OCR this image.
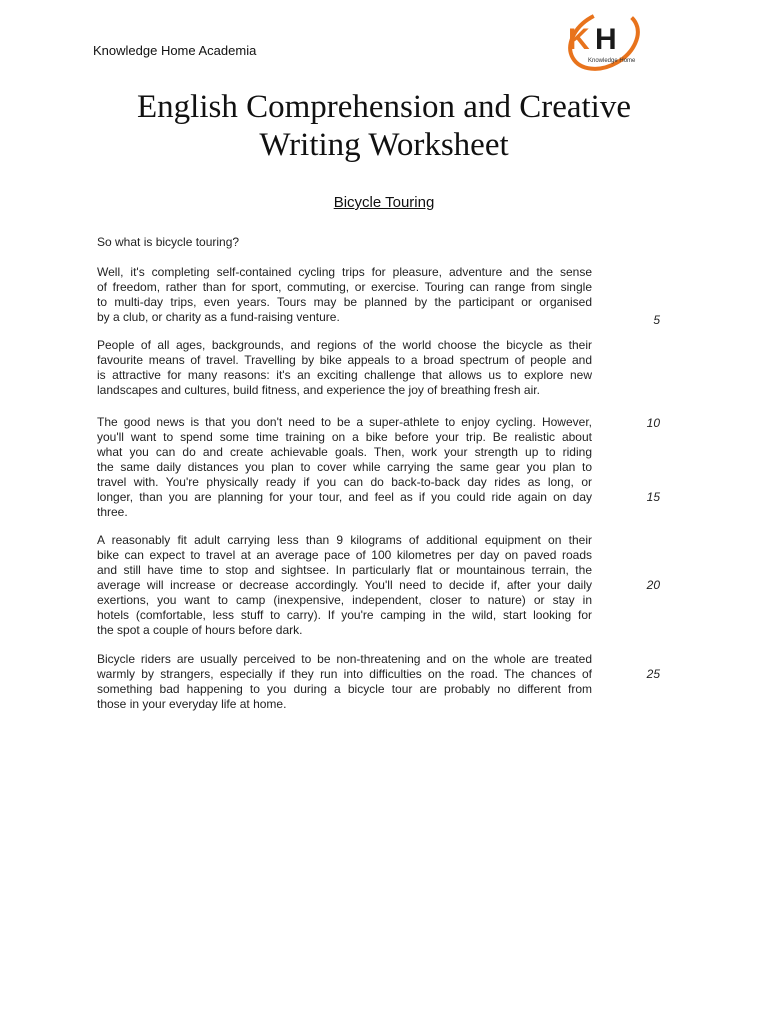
Knowledge Home Academia	K H
Knowledge Home
English Comprehension and Creative
Writing Worksheet
Bicycle Touring
So what is bicycle touring?
Well, it's completing self-contained cycling trips for pleasure, adventure and the sense
of freedom, rather than for sport, commuting, or exercise. Touring can range from single
to multi-day trips, even years. Tours may be planned by the participant or organised
by a club, or charity as a fund-raising venture.
People of all ages, backgrounds, and regions of the world choose the bicycle as their
favourite means of travel. Travelling by bike appeals to a broad spectrum of people and
is attractive for many reasons: it's an exciting challenge that allows us to explore new
landscapes and cultures, build fitness, and experience the joy of breathing fresh air.
The good news is that you don't need to be a super-athlete to enjoy cycling. However,
you'll want to spend some time training on a bike before your trip. Be realistic about
what you can do and create achievable goals. Then, work your strength up to riding
the same daily distances you plan to cover while carrying the same gear you plan to
travel with. You're physically ready if you can do back-to-back day rides as long, or
longer, than you are planning for your tour, and feel as if you could ride again on day
three.
A reasonably fit adult carrying less than 9 kilograms of additional equipment on their
bike can expect to travel at an average pace of 100 kilometres per day on paved roads
and still have time to stop and sightsee. In particularly flat or mountainous terrain, the
average will increase or decrease accordingly. You'll need to decide if, after your daily
exertions, you want to camp (inexpensive, independent, closer to nature) or stay in
hotels (comfortable, less stuff to carry). If you're camping in the wild, start looking for
the spot a couple of hours before dark.
Bicycle riders are usually perceived to be non-threatening and on the whole are treated
warmly by strangers, especially if they run into difficulties on the road. The chances of
something bad happening to you during a bicycle tour are probably no different from
those in your everyday life at home.
5
10
15
20
25
